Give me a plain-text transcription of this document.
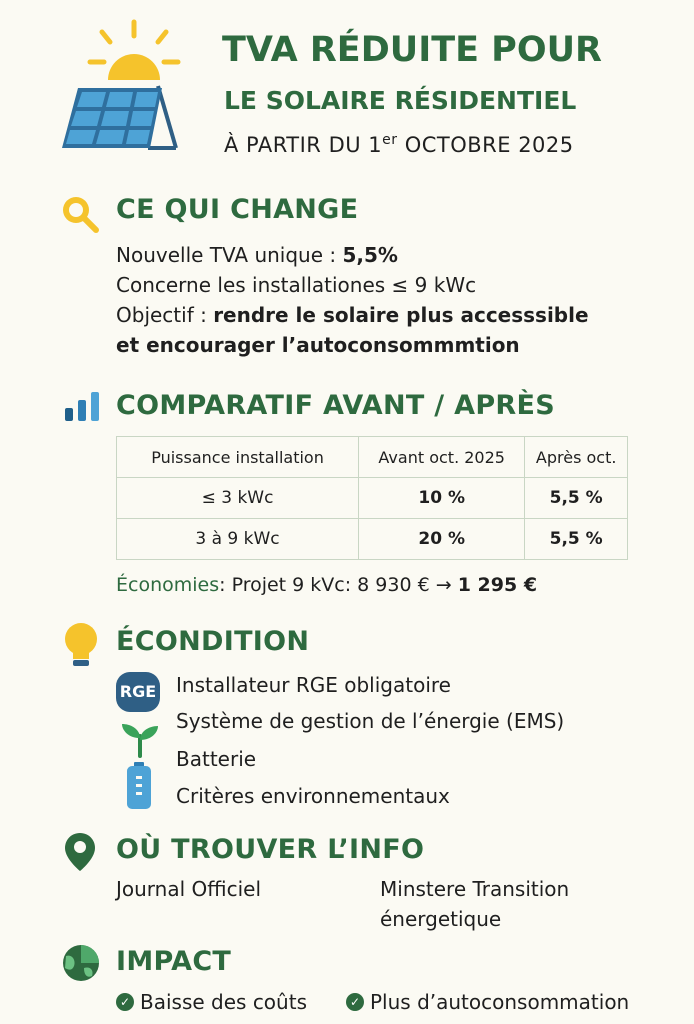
TVA RÉDUITE POUR
LE SOLAIRE RÉSIDENTIEL
À PARTIR DU 1er OCTOBRE 2025
CE QUI CHANGE
Nouvelle TVA unique : 5,5%
Concerne les installationes ≤ 9 kWc
Objectif : rendre le solaire plus accesssible
et encourager l’autoconsommmtion
COMPARATIF AVANT / APRÈS
Puissance installation	Avant oct. 2025	Après oct.
≤ 3 kWc	10 %	5,5 %
3 à 9 kWc	20 %	5,5 %
Économies: Projet 9 kVc: 8 930 € → 1 295 €
ÉCONDITION
RGE Installateur RGE obligatoire
Système de gestion de l’énergie (EMS)
Batterie
Critères environnementaux
OÙ TROUVER L’INFO
Journal Officiel	Minstere Transition
énergetique
IMPACT
✓ Baisse des coûts	✓ Plus d’autoconsommation
